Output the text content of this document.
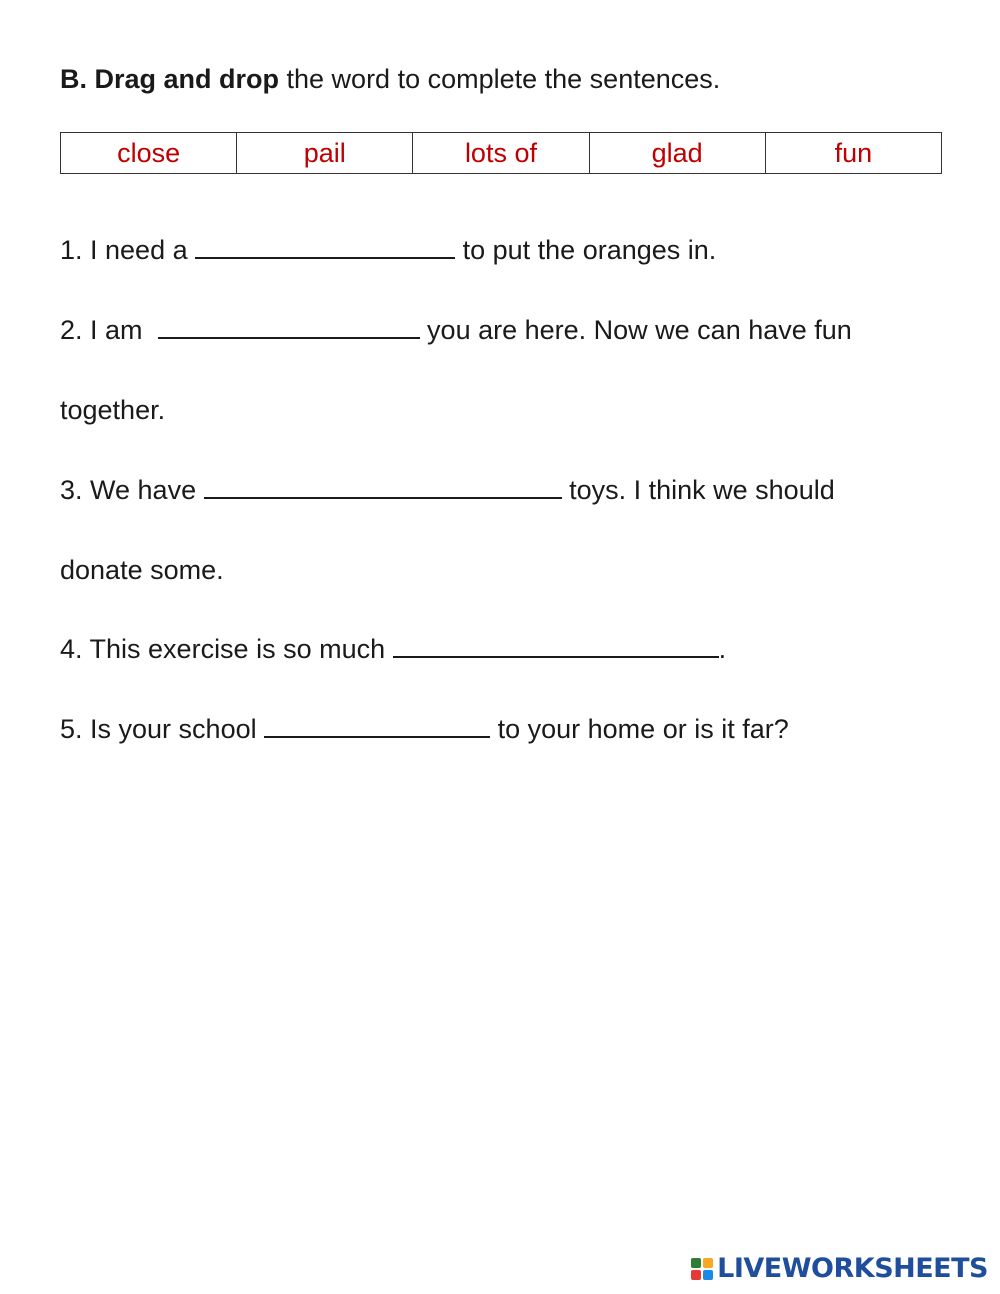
B. Drag and drop the word to complete the sentences.
close	pail	lots of	glad	fun
1. I need a	to put the oranges in.
2. I am	you are here. Now we can have fun
together.
3. We have	toys. I think we should
donate some.
4. This exercise is so much	.
5. Is your school	to your home or is it far?
LIVEWORKSHEETS
